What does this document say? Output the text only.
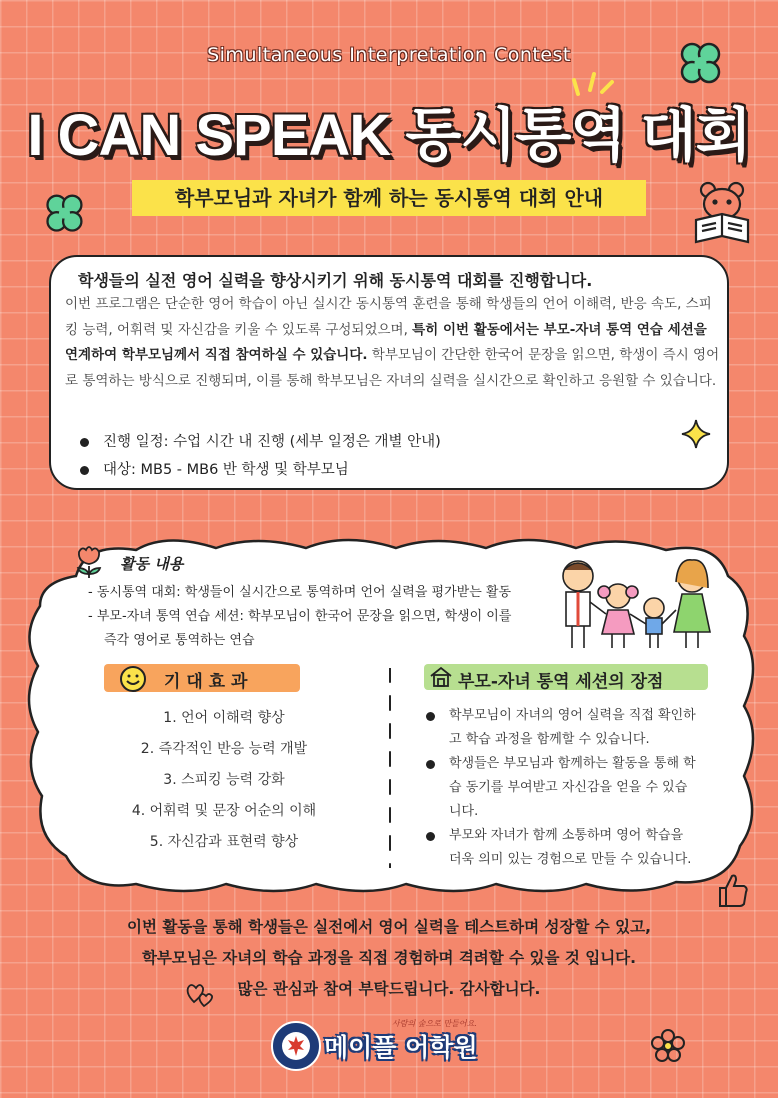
Simultaneous Interpretation Contest
I CAN SPEAK 동시통역 대회
학부모님과 자녀가 함께 하는 동시통역 대회 안내
학생들의 실전 영어 실력을 향상시키기 위해 동시통역 대회를 진행합니다.
이번 프로그램은 단순한 영어 학습이 아닌 실시간 동시통역 훈련을 통해 학생들의 언어 이해력, 반응 속도, 스피킹 능력, 어휘력 및 자신감을 키울 수 있도록 구성되었으며, 특히 이번 활동에서는 부모-자녀 통역 연습 세션을 연계하여 학부모님께서 직접 참여하실 수 있습니다. 학부모님이 간단한 한국어 문장을 읽으면, 학생이 즉시 영어로 통역하는 방식으로 진행되며, 이를 통해 학부모님은 자녀의 실력을 실시간으로 확인하고 응원할 수 있습니다.
진행 일정: 수업 시간 내 진행 (세부 일정은 개별 안내)
대상: MB5 - MB6 반 학생 및 학부모님
활동 내용
- 동시통역 대회: 학생들이 실시간으로 통역하며 언어 실력을 평가받는 활동
- 부모-자녀 통역 연습 세션: 학부모님이 한국어 문장을 읽으면, 학생이 이를
즉각 영어로 통역하는 연습
기 대 효 과
1. 언어 이해력 향상
2. 즉각적인 반응 능력 개발
3. 스피킹 능력 강화
4. 어휘력 및 문장 어순의 이해
5. 자신감과 표현력 향상
부모-자녀 통역 세션의 장점
학부모님이 자녀의 영어 실력을 직접 확인하고 학습 과정을 함께할 수 있습니다.
학생들은 부모님과 함께하는 활동을 통해 학습 동기를 부여받고 자신감을 얻을 수 있습니다.
부모와 자녀가 함께 소통하며 영어 학습을 더욱 의미 있는 경험으로 만들 수 있습니다.
이번 활동을 통해 학생들은 실전에서 영어 실력을 테스트하며 성장할 수 있고,
학부모님은 자녀의 학습 과정을 직접 경험하며 격려할 수 있을 것 입니다.
많은 관심과 참여 부탁드립니다. 감사합니다.
사람의 숲으로 만들어요.
메이플 어학원
